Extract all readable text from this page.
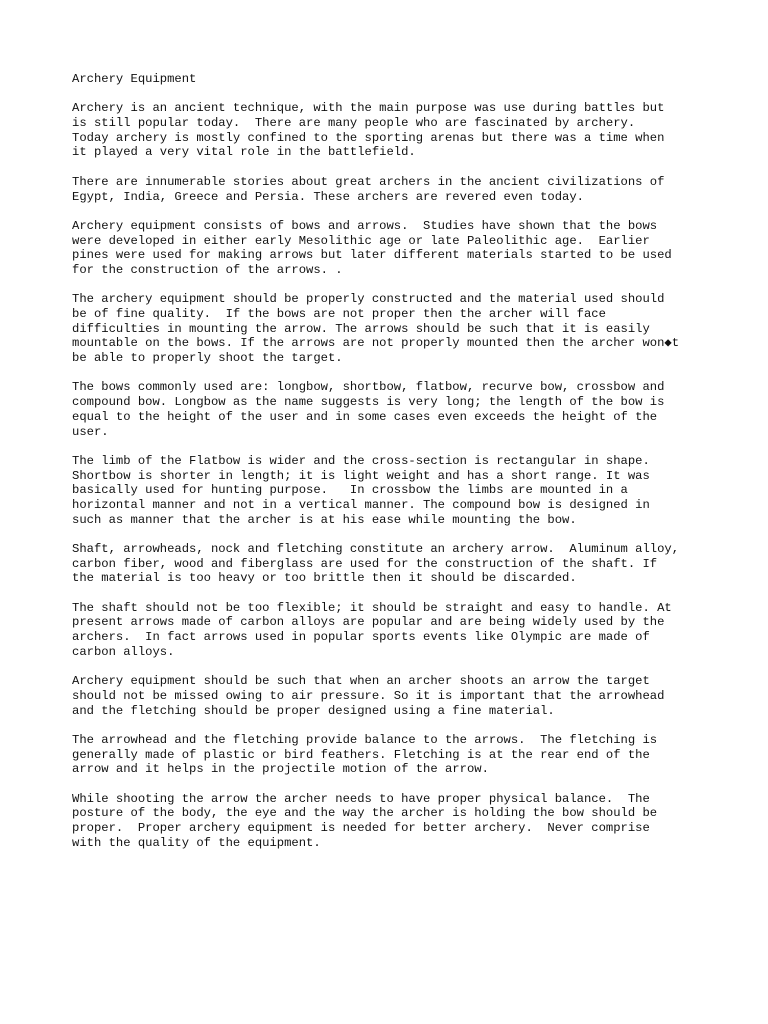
Archery Equipment
Archery is an ancient technique, with the main purpose was use during battles but
is still popular today.  There are many people who are fascinated by archery.
Today archery is mostly confined to the sporting arenas but there was a time when
it played a very vital role in the battlefield.
There are innumerable stories about great archers in the ancient civilizations of
Egypt, India, Greece and Persia. These archers are revered even today.
Archery equipment consists of bows and arrows.  Studies have shown that the bows
were developed in either early Mesolithic age or late Paleolithic age.  Earlier
pines were used for making arrows but later different materials started to be used
for the construction of the arrows. .
The archery equipment should be properly constructed and the material used should
be of fine quality.  If the bows are not proper then the archer will face
difficulties in mounting the arrow. The arrows should be such that it is easily
mountable on the bows. If the arrows are not properly mounted then the archer won◆t
be able to properly shoot the target.
The bows commonly used are: longbow, shortbow, flatbow, recurve bow, crossbow and
compound bow. Longbow as the name suggests is very long; the length of the bow is
equal to the height of the user and in some cases even exceeds the height of the
user.
The limb of the Flatbow is wider and the cross-section is rectangular in shape.
Shortbow is shorter in length; it is light weight and has a short range. It was
basically used for hunting purpose.   In crossbow the limbs are mounted in a
horizontal manner and not in a vertical manner. The compound bow is designed in
such as manner that the archer is at his ease while mounting the bow.
Shaft, arrowheads, nock and fletching constitute an archery arrow.  Aluminum alloy,
carbon fiber, wood and fiberglass are used for the construction of the shaft. If
the material is too heavy or too brittle then it should be discarded.
The shaft should not be too flexible; it should be straight and easy to handle. At
present arrows made of carbon alloys are popular and are being widely used by the
archers.  In fact arrows used in popular sports events like Olympic are made of
carbon alloys.
Archery equipment should be such that when an archer shoots an arrow the target
should not be missed owing to air pressure. So it is important that the arrowhead
and the fletching should be proper designed using a fine material.
The arrowhead and the fletching provide balance to the arrows.  The fletching is
generally made of plastic or bird feathers. Fletching is at the rear end of the
arrow and it helps in the projectile motion of the arrow.
While shooting the arrow the archer needs to have proper physical balance.  The
posture of the body, the eye and the way the archer is holding the bow should be
proper.  Proper archery equipment is needed for better archery.  Never comprise
with the quality of the equipment.
